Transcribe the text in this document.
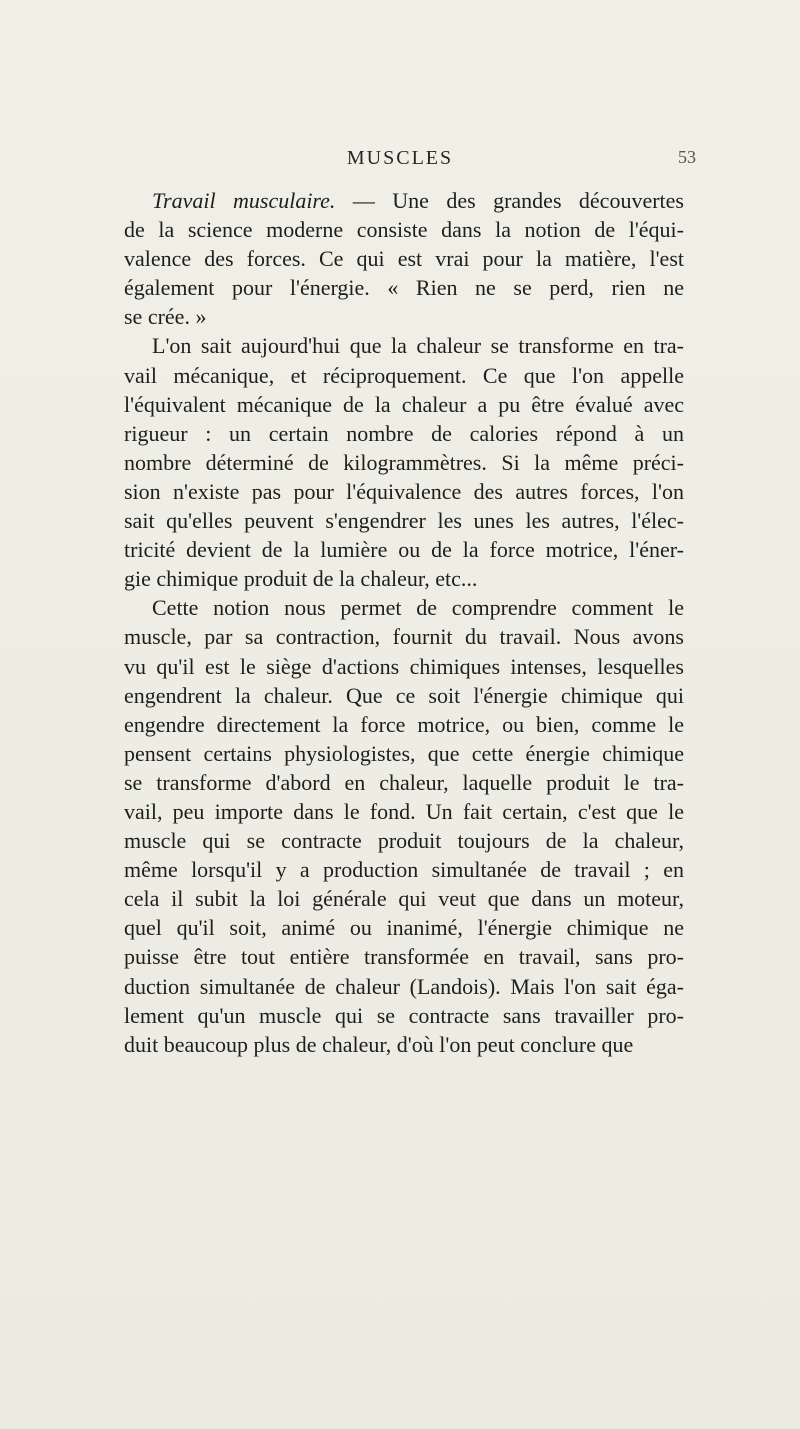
MUSCLES	53
Travail musculaire. — Une des grandes découvertes
de la science moderne consiste dans la notion de l'équi-
valence des forces. Ce qui est vrai pour la matière, l'est
également pour l'énergie. « Rien ne se perd, rien ne
se crée. »
L'on sait aujourd'hui que la chaleur se transforme en tra-
vail mécanique, et réciproquement. Ce que l'on appelle
l'équivalent mécanique de la chaleur a pu être évalué avec
rigueur : un certain nombre de calories répond à un
nombre déterminé de kilogrammètres. Si la même préci-
sion n'existe pas pour l'équivalence des autres forces, l'on
sait qu'elles peuvent s'engendrer les unes les autres, l'élec-
tricité devient de la lumière ou de la force motrice, l'éner-
gie chimique produit de la chaleur, etc...
Cette notion nous permet de comprendre comment le
muscle, par sa contraction, fournit du travail. Nous avons
vu qu'il est le siège d'actions chimiques intenses, lesquelles
engendrent la chaleur. Que ce soit l'énergie chimique qui
engendre directement la force motrice, ou bien, comme le
pensent certains physiologistes, que cette énergie chimique
se transforme d'abord en chaleur, laquelle produit le tra-
vail, peu importe dans le fond. Un fait certain, c'est que le
muscle qui se contracte produit toujours de la chaleur,
même lorsqu'il y a production simultanée de travail ; en
cela il subit la loi générale qui veut que dans un moteur,
quel qu'il soit, animé ou inanimé, l'énergie chimique ne
puisse être tout entière transformée en travail, sans pro-
duction simultanée de chaleur (Landois). Mais l'on sait éga-
lement qu'un muscle qui se contracte sans travailler pro-
duit beaucoup plus de chaleur, d'où l'on peut conclure que
